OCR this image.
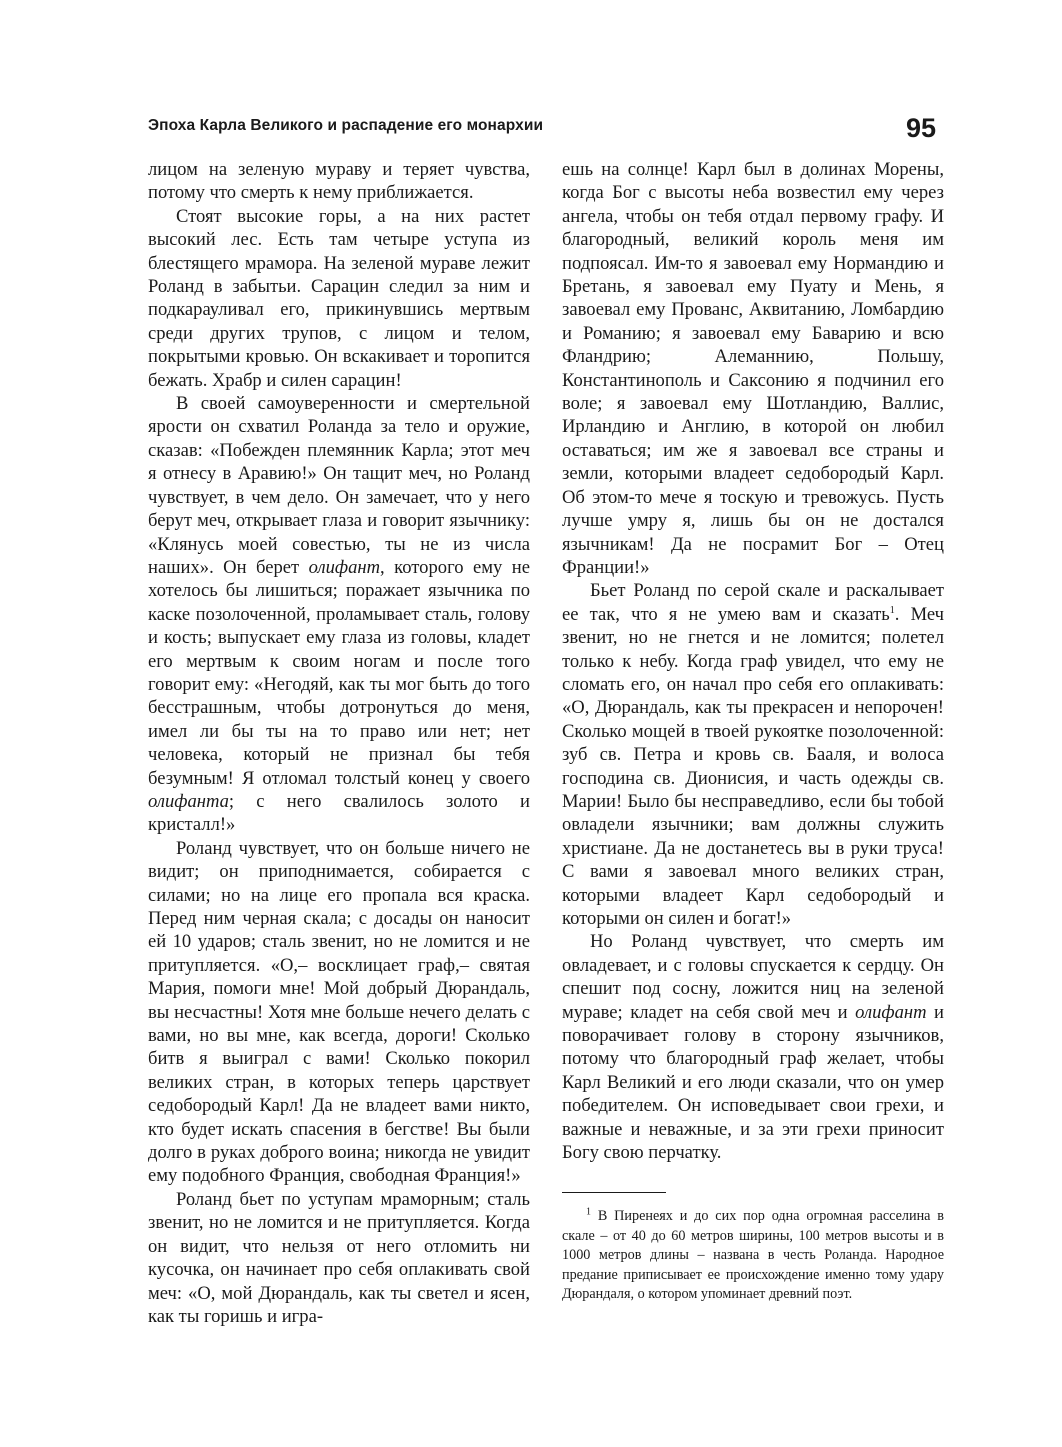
Эпоха Карла Великого и распадение его монархии	95

лицом на зеленую мураву и теряет чувства, потому что смерть к нему приближается.

Стоят высокие горы, а на них растет высокий лес. Есть там четыре уступа из блестящего мрамора. На зеленой мураве лежит Роланд в забытьи. Сарацин следил за ним и подкарауливал его, прикинувшись мертвым среди других трупов, с лицом и телом, покрытыми кровью. Он вскакивает и торопится бежать. Храбр и силен сарацин!

В своей самоуверенности и смертельной ярости он схватил Роланда за тело и оружие, сказав: «Побежден племянник Карла; этот меч я отнесу в Аравию!» Он тащит меч, но Роланд чувствует, в чем дело. Он замечает, что у него берут меч, открывает глаза и говорит язычнику: «Клянусь моей совестью, ты не из числа наших». Он берет олифант, которого ему не хотелось бы лишиться; поражает язычника по каске позолоченной, проламывает сталь, голову и кость; выпускает ему глаза из головы, кладет его мертвым к своим ногам и после того говорит ему: «Негодяй, как ты мог быть до того бесстрашным, чтобы дотронуться до меня, имел ли бы ты на то право или нет; нет человека, который не признал бы тебя безумным! Я отломал толстый конец у своего олифанта; с него свалилось золото и кристалл!»

Роланд чувствует, что он больше ничего не видит; он приподнимается, собирается с силами; но на лице его пропала вся краска. Перед ним черная скала; с досады он наносит ей 10 ударов; сталь звенит, но не ломится и не притупляется. «О,– восклицает граф,– святая Мария, помоги мне! Мой добрый Дюрандаль, вы несчастны! Хотя мне больше нечего делать с вами, но вы мне, как всегда, дороги! Сколько битв я выиграл с вами! Сколько покорил великих стран, в которых теперь царствует седобородый Карл! Да не владеет вами никто, кто будет искать спасения в бегстве! Вы были долго в руках доброго воина; никогда не увидит ему подобного Франция, свободная Франция!»

Роланд бьет по уступам мраморным; сталь звенит, но не ломится и не притупляется. Когда он видит, что нельзя от него отломить ни кусочка, он начинает про себя оплакивать свой меч: «О, мой Дюрандаль, как ты светел и ясен, как ты горишь и игра-

ешь на солнце! Карл был в долинах Морены, когда Бог с высоты неба возвестил ему через ангела, чтобы он тебя отдал первому графу. И благородный, великий король меня им подпоясал. Им-то я завоевал ему Нормандию и Бретань, я завоевал ему Пуату и Мень, я завоевал ему Прованс, Аквитанию, Ломбардию и Романию; я завоевал ему Баварию и всю Фландрию; Алеманнию, Польшу, Константинополь и Саксонию я подчинил его воле; я завоевал ему Шотландию, Валлис, Ирландию и Англию, в которой он любил оставаться; им же я завоевал все страны и земли, которыми владеет седобородый Карл. Об этом-то мече я тоскую и тревожусь. Пусть лучше умру я, лишь бы он не достался язычникам! Да не посрамит Бог – Отец Франции!»

Бьет Роланд по серой скале и раскалывает ее так, что я не умею вам и сказать$^1$. Меч звенит, но не гнется и не ломится; полетел только к небу. Когда граф увидел, что ему не сломать его, он начал про себя его оплакивать: «О, Дюрандаль, как ты прекрасен и непорочен! Сколько мощей в твоей рукоятке позолоченной: зуб св. Петра и кровь св. Бааля, и волоса господина св. Дионисия, и часть одежды св. Марии! Было бы несправедливо, если бы тобой овладели язычники; вам должны служить христиане. Да не достанетесь вы в руки труса! С вами я завоевал много великих стран, которыми владеет Карл седобородый и которыми он силен и богат!»

Но Роланд чувствует, что смерть им овладевает, и с головы спускается к сердцу. Он спешит под сосну, ложится ниц на зеленой мураве; кладет на себя свой меч и олифант и поворачивает голову в сторону язычников, потому что благородный граф желает, чтобы Карл Великий и его люди сказали, что он умер победителем. Он исповедывает свои грехи, и важные и неважные, и за эти грехи приносит Богу свою перчатку.

$^1$ В Пиренеях и до сих пор одна огромная расселина в скале – от 40 до 60 метров ширины, 100 метров высоты и в 1000 метров длины – названа в честь Роланда. Народное предание приписывает ее происхождение именно тому удару Дюрандаля, о котором упоминает древний поэт.
